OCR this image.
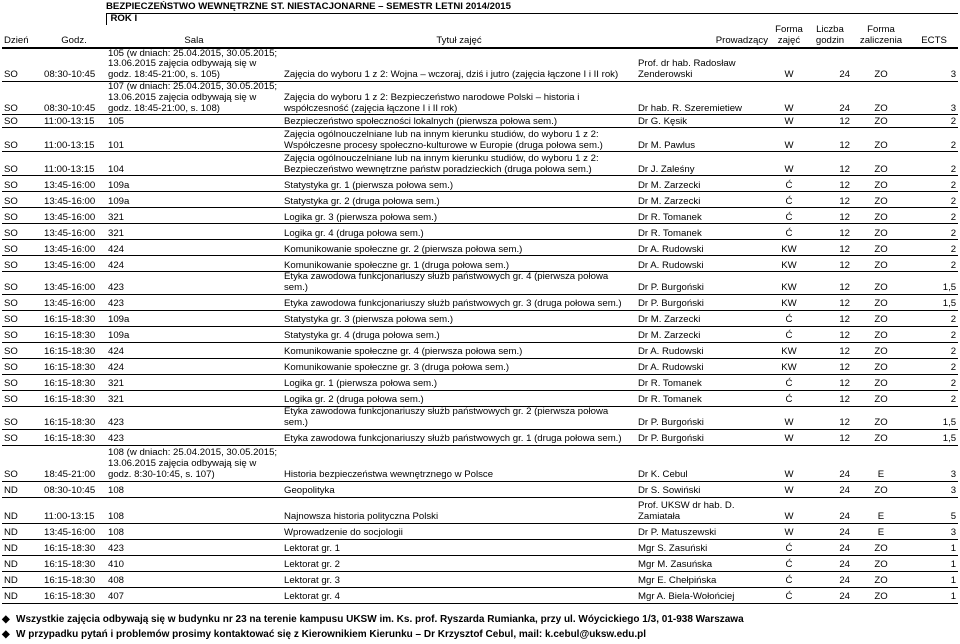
		BEZPIECZEŃSTWO WEWNĘTRZNE ST. NIESTACJONARNE – SEMESTR LETNI 2014/2015						
		ROK I						
Dzień	Godz.	Sala	Tytuł zajęć	Prowadzący	Forma zajęć	Liczba godzin	Forma zaliczenia	ECTS
SO	08:30-10:45	105 (w dniach: 25.04.2015, 30.05.2015; 13.06.2015 zajęcia odbywają się w godz. 18:45-21:00, s. 105)	Zajęcia do wyboru 1 z 2: Wojna – wczoraj, dziś i jutro (zajęcia łączone I i II rok)	Prof. dr hab. Radosław Zenderowski	W	24	ZO	3
SO	08:30-10:45	107 (w dniach: 25.04.2015, 30.05.2015; 13.06.2015 zajęcia odbywają się w godz. 18:45-21:00, s. 108)	Zajęcia do wyboru 1 z 2: Bezpieczeństwo narodowe Polski – historia i współczesność (zajęcia łączone I i II rok)	Dr hab. R. Szeremietiew	W	24	ZO	3
SO	11:00-13:15	105	Bezpieczeństwo społeczności lokalnych (pierwsza połowa sem.)	Dr G. Kęsik	W	12	ZO	2
SO	11:00-13:15	101	Zajęcia ogólnouczelniane lub na innym kierunku studiów, do wyboru 1 z 2: Współczesne procesy społeczno-kulturowe w Europie (druga połowa sem.)	Dr M. Pawlus	W	12	ZO	2
SO	11:00-13:15	104	Zajęcia ogólnouczelniane lub na innym kierunku studiów, do wyboru 1 z 2: Bezpieczeństwo wewnętrzne państw poradzieckich (druga połowa sem.)	Dr J. Zaleśny	W	12	ZO	2
SO	13:45-16:00	109a	Statystyka gr. 1 (pierwsza połowa sem.)	Dr M. Zarzecki	Ć	12	ZO	2
SO	13:45-16:00	109a	Statystyka gr. 2 (druga połowa sem.)	Dr M. Zarzecki	Ć	12	ZO	2
SO	13:45-16:00	321	Logika gr. 3 (pierwsza połowa sem.)	Dr R. Tomanek	Ć	12	ZO	2
SO	13:45-16:00	321	Logika gr. 4 (druga połowa sem.)	Dr R. Tomanek	Ć	12	ZO	2
SO	13:45-16:00	424	Komunikowanie społeczne gr. 2 (pierwsza połowa sem.)	Dr A. Rudowski	KW	12	ZO	2
SO	13:45-16:00	424	Komunikowanie społeczne gr. 1 (druga połowa sem.)	Dr A. Rudowski	KW	12	ZO	2
SO	13:45-16:00	423	Etyka zawodowa funkcjonariuszy służb państwowych gr. 4 (pierwsza połowa sem.)	Dr P. Burgoński	KW	12	ZO	1,5
SO	13:45-16:00	423	Etyka zawodowa funkcjonariuszy służb państwowych gr. 3 (druga połowa sem.)	Dr P. Burgoński	KW	12	ZO	1,5
SO	16:15-18:30	109a	Statystyka gr. 3 (pierwsza połowa sem.)	Dr M. Zarzecki	Ć	12	ZO	2
SO	16:15-18:30	109a	Statystyka gr. 4 (druga połowa sem.)	Dr M. Zarzecki	Ć	12	ZO	2
SO	16:15-18:30	424	Komunikowanie społeczne gr. 4 (pierwsza połowa sem.)	Dr A. Rudowski	KW	12	ZO	2
SO	16:15-18:30	424	Komunikowanie społeczne gr. 3 (druga połowa sem.)	Dr A. Rudowski	KW	12	ZO	2
SO	16:15-18:30	321	Logika gr. 1 (pierwsza połowa sem.)	Dr R. Tomanek	Ć	12	ZO	2
SO	16:15-18:30	321	Logika gr. 2 (druga połowa sem.)	Dr R. Tomanek	Ć	12	ZO	2
SO	16:15-18:30	423	Etyka zawodowa funkcjonariuszy służb państwowych gr. 2 (pierwsza połowa sem.)	Dr P. Burgoński	W	12	ZO	1,5
SO	16:15-18:30	423	Etyka zawodowa funkcjonariuszy służb państwowych gr. 1 (druga połowa sem.)	Dr P. Burgoński	W	12	ZO	1,5
SO	18:45-21:00	108 (w dniach: 25.04.2015, 30.05.2015; 13.06.2015 zajęcia odbywają się w godz. 8:30-10:45, s. 107)	Historia bezpieczeństwa wewnętrznego w Polsce	Dr K. Cebul	W	24	E	3
ND	08:30-10:45	108	Geopolityka	Dr S. Sowiński	W	24	ZO	3
ND	11:00-13:15	108	Najnowsza historia polityczna Polski	Prof. UKSW dr hab. D. Zamiatała	W	24	E	5
ND	13:45-16:00	108	Wprowadzenie do socjologii	Dr P. Matuszewski	W	24	E	3
ND	16:15-18:30	423	Lektorat gr. 1	Mgr S. Zasuński	Ć	24	ZO	1
ND	16:15-18:30	410	Lektorat gr. 2	Mgr M. Zasuńska	Ć	24	ZO	1
ND	16:15-18:30	408	Lektorat gr. 3	Mgr E. Chełpińska	Ć	24	ZO	1
ND	16:15-18:30	407	Lektorat gr. 4	Mgr A. Biela-Wołońciej	Ć	24	ZO	1
◆ Wszystkie zajęcia odbywają się w budynku nr 23 na terenie kampusu UKSW im. Ks. prof. Ryszarda Rumianka, przy ul. Wóycickiego 1/3, 01-938 Warszawa
◆ W przypadku pytań i problemów prosimy kontaktować się z Kierownikiem Kierunku – Dr Krzysztof Cebul, mail: k.cebul@uksw.edu.pl
